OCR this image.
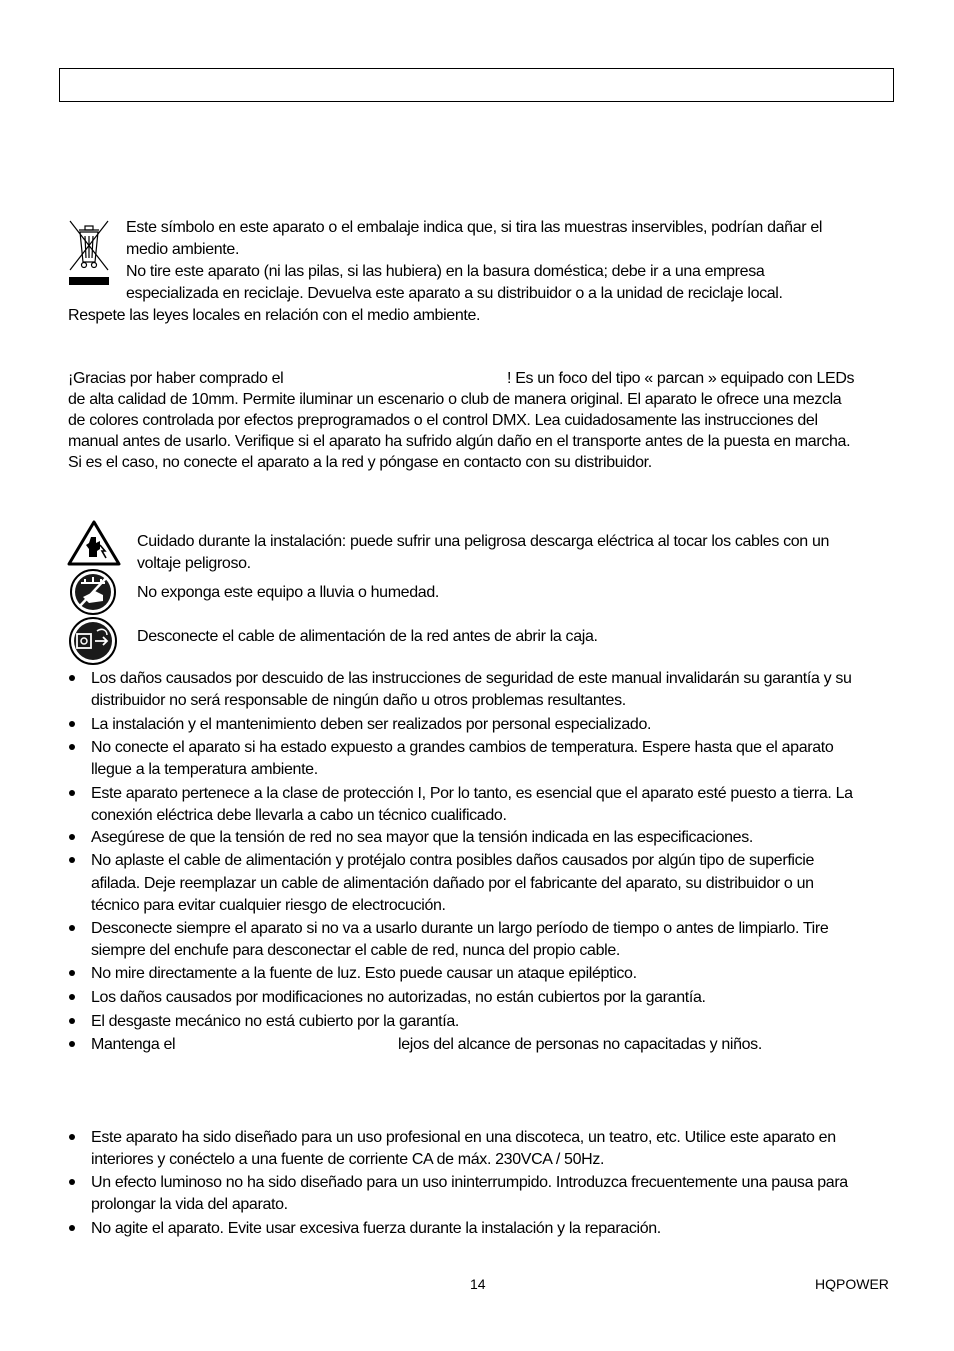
Este símbolo en este aparato o el embalaje indica que, si tira las muestras inservibles, podrían dañar el
medio ambiente.
No tire este aparato (ni las pilas, si las hubiera) en la basura doméstica; debe ir a una empresa
especializada en reciclaje. Devuelva este aparato a su distribuidor o a la unidad de reciclaje local.
Respete las leyes locales en relación con el medio ambiente.
¡Gracias por haber comprado el	! Es un foco del tipo « parcan » equipado con LEDs
de alta calidad de 10mm. Permite iluminar un escenario o club de manera original. El aparato le ofrece una mezcla
de colores controlada por efectos preprogramados o el control DMX. Lea cuidadosamente las instrucciones del
manual antes de usarlo. Verifique si el aparato ha sufrido algún daño en el transporte antes de la puesta en marcha.
Si es el caso, no conecte el aparato a la red y póngase en contacto con su distribuidor.
Cuidado durante la instalación: puede sufrir una peligrosa descarga eléctrica al tocar los cables con un
voltaje peligroso.
No exponga este equipo a lluvia o humedad.
Desconecte el cable de alimentación de la red antes de abrir la caja.
Los daños causados por descuido de las instrucciones de seguridad de este manual invalidarán su garantía y su
distribuidor no será responsable de ningún daño u otros problemas resultantes.
La instalación y el mantenimiento deben ser realizados por personal especializado.
No conecte el aparato si ha estado expuesto a grandes cambios de temperatura. Espere hasta que el aparato
llegue a la temperatura ambiente.
Este aparato pertenece a la clase de protección I, Por lo tanto, es esencial que el aparato esté puesto a tierra. La
conexión eléctrica debe llevarla a cabo un técnico cualificado.
Asegúrese de que la tensión de red no sea mayor que la tensión indicada en las especificaciones.
No aplaste el cable de alimentación y protéjalo contra posibles daños causados por algún tipo de superficie
afilada. Deje reemplazar un cable de alimentación dañado por el fabricante del aparato, su distribuidor o un
técnico para evitar cualquier riesgo de electrocución.
Desconecte siempre el aparato si no va a usarlo durante un largo período de tiempo o antes de limpiarlo. Tire
siempre del enchufe para desconectar el cable de red, nunca del propio cable.
No mire directamente a la fuente de luz. Esto puede causar un ataque epiléptico.
Los daños causados por modificaciones no autorizadas, no están cubiertos por la garantía.
El desgaste mecánico no está cubierto por la garantía.
Mantenga el	lejos del alcance de personas no capacitadas y niños.
Este aparato ha sido diseñado para un uso profesional en una discoteca, un teatro, etc. Utilice este aparato en
interiores y conéctelo a una fuente de corriente CA de máx. 230VCA / 50Hz.
Un efecto luminoso no ha sido diseñado para un uso ininterrumpido. Introduzca frecuentemente una pausa para
prolongar la vida del aparato.
No agite el aparato. Evite usar excesiva fuerza durante la instalación y la reparación.
14	HQPOWER
